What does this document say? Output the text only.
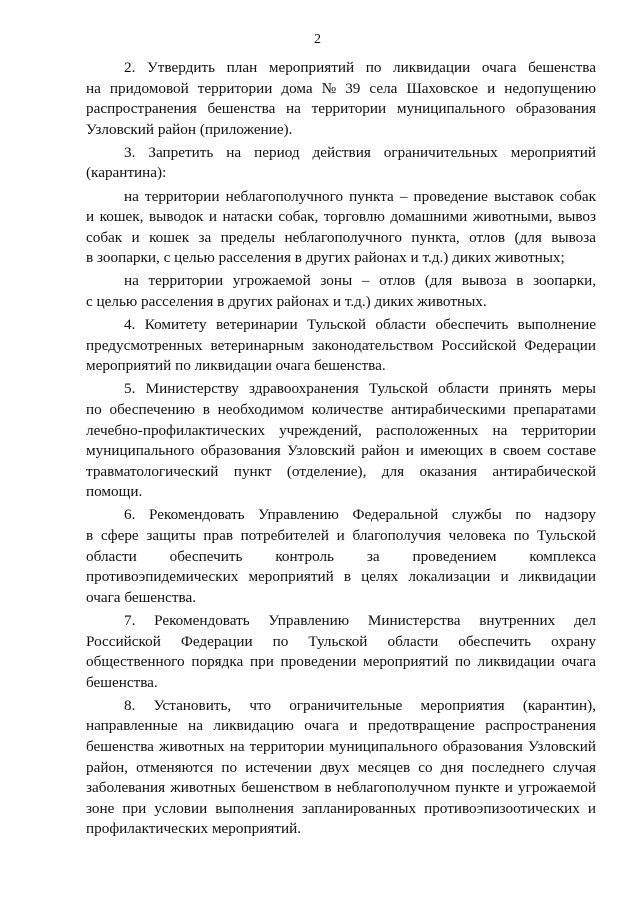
2
2. Утвердить план мероприятий по ликвидации очага бешенства
на придомовой территории дома № 39 села Шаховское и недопущению
распространения бешенства на территории муниципального образования
Узловский район (приложение).
3. Запретить на период действия ограничительных мероприятий
(карантина):
на территории неблагополучного пункта – проведение выставок собак
и кошек, выводок и натаски собак, торговлю домашними животными, вывоз
собак и кошек за пределы неблагополучного пункта, отлов (для вывоза
в зоопарки, с целью расселения в других районах и т.д.) диких животных;
на территории угрожаемой зоны – отлов (для вывоза в зоопарки,
с целью расселения в других районах и т.д.) диких животных.
4. Комитету ветеринарии Тульской области обеспечить выполнение
предусмотренных ветеринарным законодательством Российской Федерации
мероприятий по ликвидации очага бешенства.
5. Министерству здравоохранения Тульской области принять меры
по обеспечению в необходимом количестве антирабическими препаратами
лечебно-профилактических учреждений, расположенных на территории
муниципального образования Узловский район и имеющих в своем составе
травматологический пункт (отделение), для оказания антирабической
помощи.
6. Рекомендовать Управлению Федеральной службы по надзору
в сфере защиты прав потребителей и благополучия человека по Тульской
области обеспечить контроль за проведением комплекса
противоэпидемических мероприятий в целях локализации и ликвидации
очага бешенства.
7. Рекомендовать Управлению Министерства внутренних дел
Российской Федерации по Тульской области обеспечить охрану
общественного порядка при проведении мероприятий по ликвидации очага
бешенства.
8. Установить, что ограничительные мероприятия (карантин),
направленные на ликвидацию очага и предотвращение распространения
бешенства животных на территории муниципального образования Узловский
район, отменяются по истечении двух месяцев со дня последнего случая
заболевания животных бешенством в неблагополучном пункте и угрожаемой
зоне при условии выполнения запланированных противоэпизоотических и
профилактических мероприятий.
